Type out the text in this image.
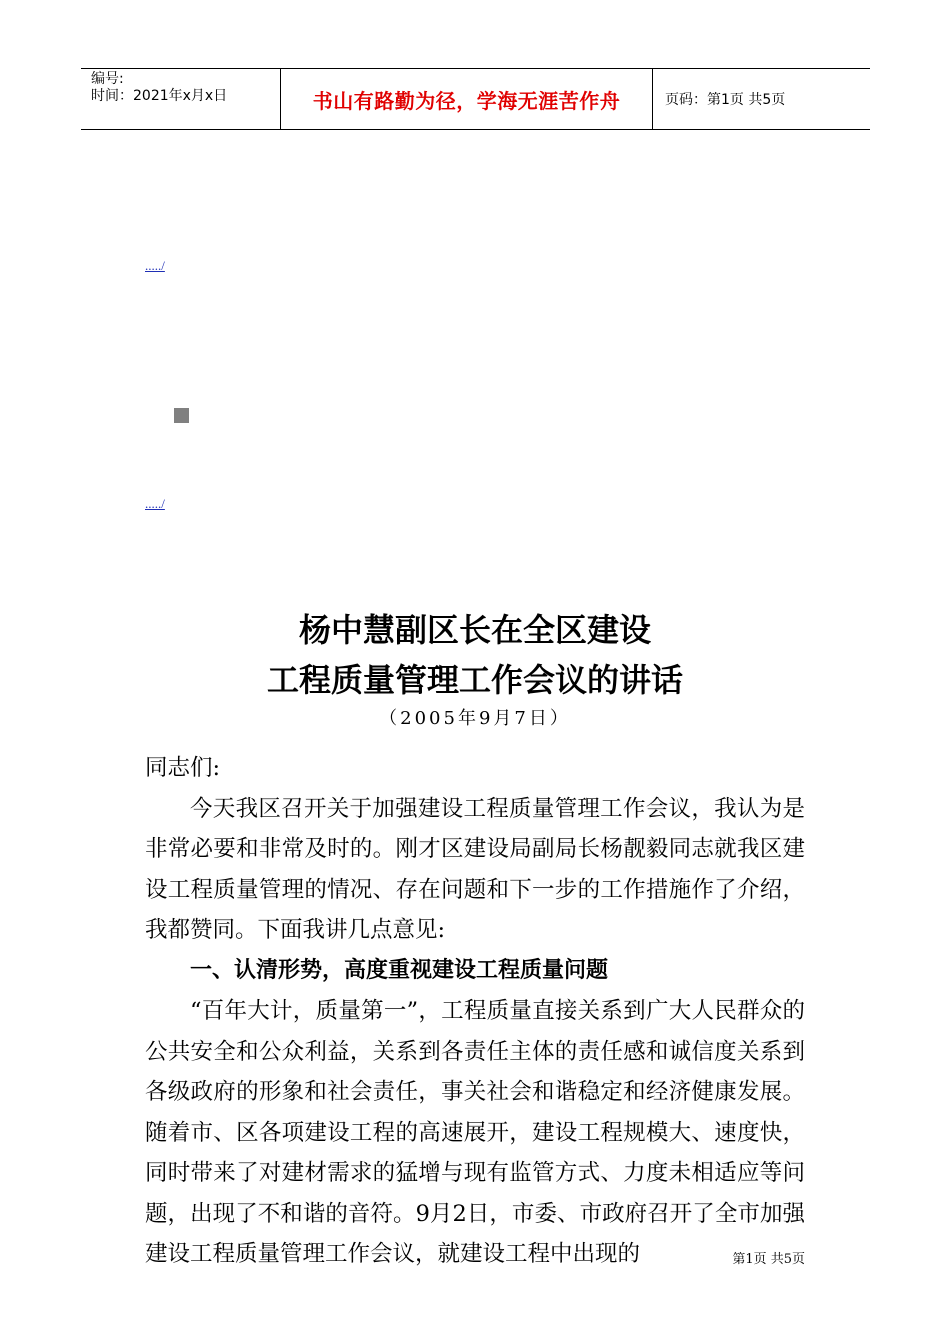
编号:
时间：2021年x月x日	书山有路勤为径，学海无涯苦作舟	页码：第1页 共5页
...../
...../
杨中慧副区长在全区建设
工程质量管理工作会议的讲话
（2005年9月7日）

同志们:

今天我区召开关于加强建设工程质量管理工作会议，我认为是非常必要和非常及时的。刚才区建设局副局长杨靓毅同志就我区建设工程质量管理的情况、存在问题和下一步的工作措施作了介绍，我都赞同。下面我讲几点意见:

一、认清形势，高度重视建设工程质量问题

“百年大计，质量第一”，工程质量直接关系到广大人民群众的公共安全和公众利益，关系到各责任主体的责任感和诚信度关系到各级政府的形象和社会责任，事关社会和谐稳定和经济健康发展。随着市、区各项建设工程的高速展开，建设工程规模大、速度快，同时带来了对建材需求的猛增与现有监管方式、力度未相适应等问题，出现了不和谐的音符。9月2日，市委、市政府召开了全市加强建设工程质量管理工作会议，就建设工程中出现的	第1页 共5页
